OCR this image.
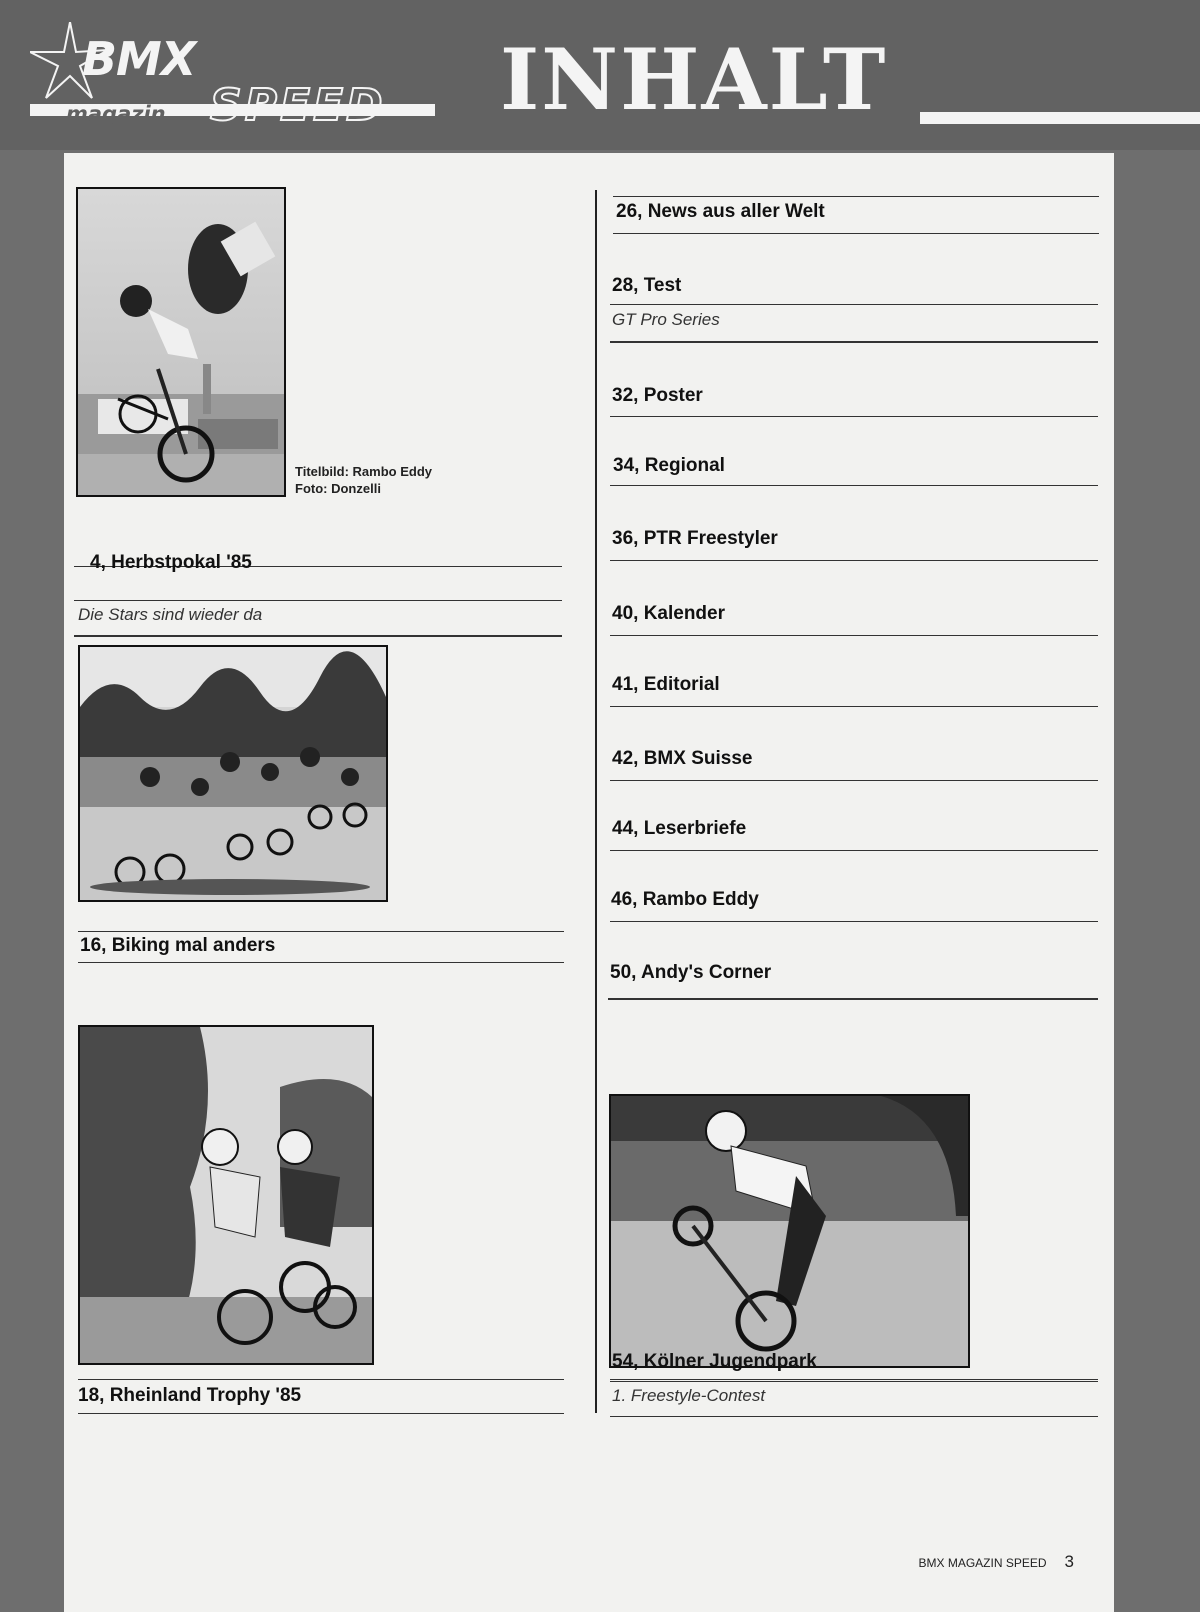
BMX
magazin SPEED INHALT
Titelbild: Rambo Eddy
Foto: Donzelli
4, Herbstpokal '85
Die Stars sind wieder da
16, Biking mal anders
18, Rheinland Trophy '85
26, News aus aller Welt
28, Test
GT Pro Series
32, Poster
34, Regional
36, PTR Freestyler
40, Kalender
41, Editorial
42, BMX Suisse
44, Leserbriefe
46, Rambo Eddy
50, Andy's Corner
54, Kölner Jugendpark
1. Freestyle-Contest
BMX MAGAZIN SPEED 3
